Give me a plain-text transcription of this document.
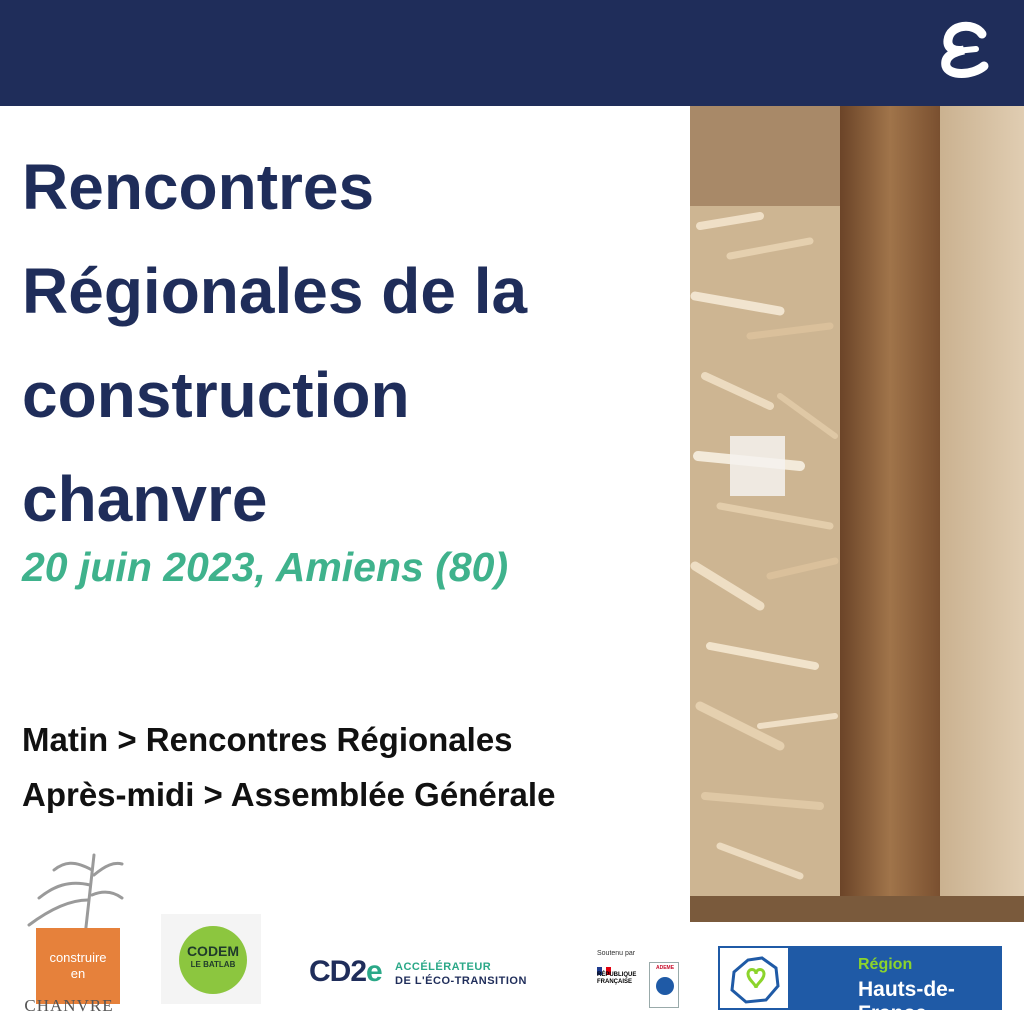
Rencontres
Régionales de la
construction
chanvre

20 juin 2023, Amiens (80)

Matin > Rencontres Régionales
Après-midi > Assemblée Générale
construire
en
CHANVRE
CODEM
LE BATLAB	CD2e ACCÉLÉRATEUR
DE L'ÉCO-TRANSITION
Soutenu par
RÉPUBLIQUE FRANÇAISE
ADEME	Région
Hauts-de-France
